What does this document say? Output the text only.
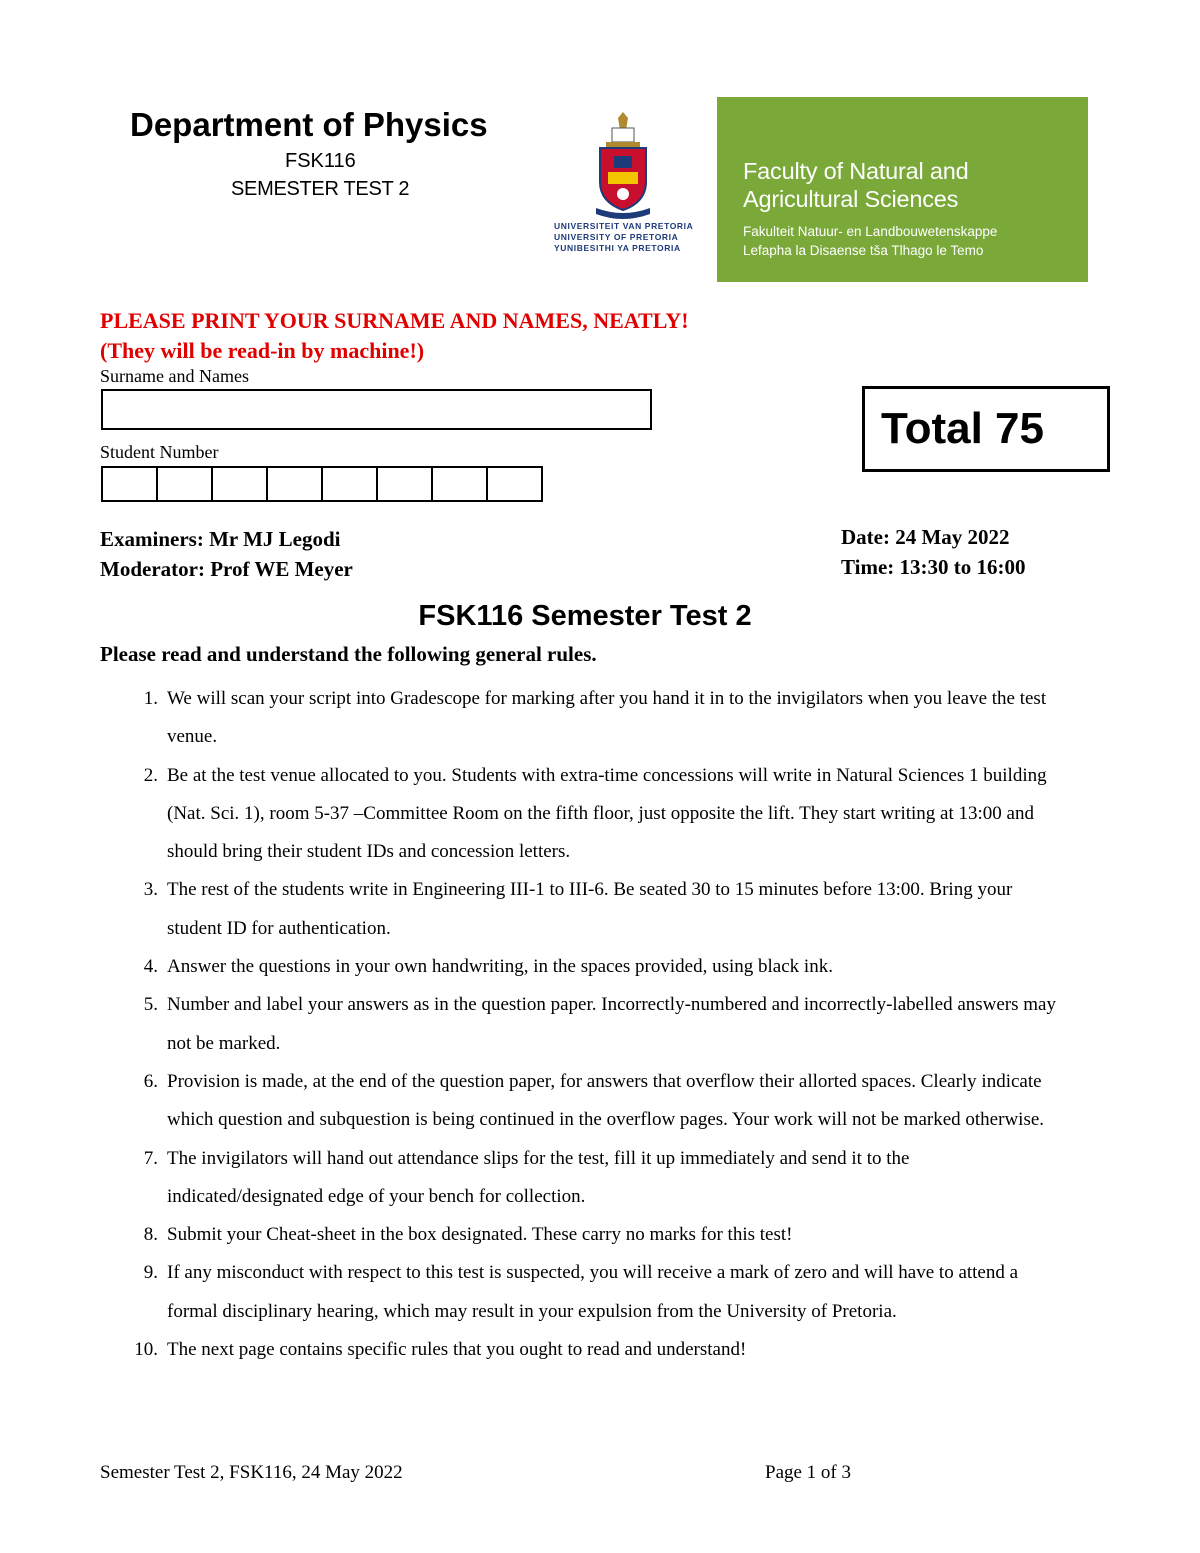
Department of Physics
FSK116
SEMESTER TEST 2
UNIVERSITEIT VAN PRETORIA
UNIVERSITY OF PRETORIA
YUNIBESITHI YA PRETORIA
Faculty of Natural and
Agricultural Sciences
Fakulteit Natuur- en Landbouwetenskappe
Lefapha la Disaense tša Tlhago le Temo
PLEASE PRINT YOUR SURNAME AND NAMES, NEATLY!
(They will be read-in by machine!)
Surname and Names
Student Number	Total 75
Examiners: Mr MJ Legodi
Moderator: Prof WE Meyer
Date: 24 May 2022
Time: 13:30 to 16:00
FSK116 Semester Test 2
Please read and understand the following general rules.
1. We will scan your script into Gradescope for marking after you hand it in to the invigilators when you leave the test venue.
2. Be at the test venue allocated to you. Students with extra-time concessions will write in Natural Sciences 1 building (Nat. Sci. 1), room 5-37 –Committee Room on the fifth floor, just opposite the lift. They start writing at 13:00 and should bring their student IDs and concession letters.
3. The rest of the students write in Engineering III-1 to III-6. Be seated 30 to 15 minutes before 13:00. Bring your student ID for authentication.
4. Answer the questions in your own handwriting, in the spaces provided, using black ink.
5. Number and label your answers as in the question paper. Incorrectly-numbered and incorrectly-labelled answers may not be marked.
6. Provision is made, at the end of the question paper, for answers that overflow their allorted spaces. Clearly indicate which question and subquestion is being continued in the overflow pages. Your work will not be marked otherwise.
7. The invigilators will hand out attendance slips for the test, fill it up immediately and send it to the indicated/designated edge of your bench for collection.
8. Submit your Cheat-sheet in the box designated. These carry no marks for this test!
9. If any misconduct with respect to this test is suspected, you will receive a mark of zero and will have to attend a formal disciplinary hearing, which may result in your expulsion from the University of Pretoria.
10. The next page contains specific rules that you ought to read and understand!
Semester Test 2, FSK116, 24 May 2022	Page 1 of 3
